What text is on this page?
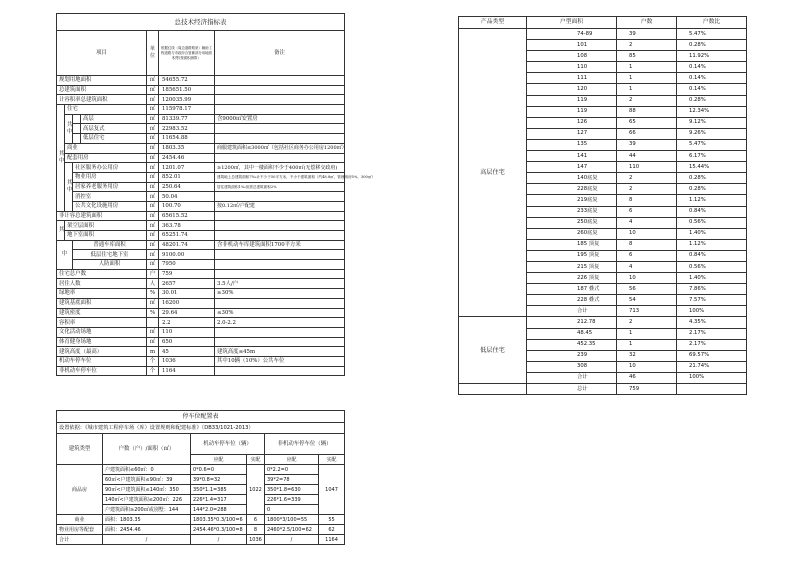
总技术经济指标表						
项目				单位	根据红线（周边道路路宽）辅助工程道路与市政综合管廊部分用地面积等)按面积测算）	备注
规划用地面积				㎡	54655.72	
总建筑面积				㎡	185651.50	
计容积率总建筑面积				㎡	120035.99	
其中	住宅			㎡	115978.17	
	共中		高层	㎡	81339.77	含9000㎡安置房
			高层复式	㎡	22983.52	
			低层住宅	㎡	11654.88	
	商业			㎡	1803.35	商服建筑面积≤3000㎡（包括社区商务办公用房1200㎡）
	配套用房			㎡	2454.46	
	其中	社区服务办公用房		㎡	1201.07	≥1200㎡，其中一楼面积不少于400㎡(无偿移交政府)
		物业用房		㎡	852.01	建筑地上总建筑面积7‰计不少于50平方米，不小于建筑面积（约48.8㎡，管理用房5%，300㎡）
		居家养老服务用房		㎡	250.64	居住建筑面积1‰但需总建筑面积2%
		消控室		㎡	50.04	
		公共文化设施用房		㎡	100.70	按0.12㎡/户配建
非计容总建筑面积				㎡	65615.52	
其	架空层面积			㎡	363.78	
	地下室面积			㎡	65251.74	
中		普通车库面积		㎡	48201.74	含非机动车库建筑面积1700平方米
		低层住宅地下室		㎡	9100.00	
		人防面积		㎡	7950	
住宅总户数				户	759	
居住人数				人	2657	3.5人/户
绿地率				%	30.01	≥30%
建筑基底面积				㎡	16200	
建筑密度				%	29.64	≤30%
容积率					2.2	2.0-2.2
文化活动场地				㎡	110	
体育健身场地				㎡	650	
建筑高度（最高）				m	45	建筑高度≤45m
机动车停车位				个	1036	其中10辆（10%）公共车位
非机动车停车位				个	1164	
停车位配置表					
设置依据：《城市建筑工程停车场（库）设置规则和配建标准》（DB33/1021-2013）					
建筑类型	户数（户）/面积（㎡）	机动车停车位（辆）		非机动车停车位（辆）	
		应配	实配	应配	实配
商品房	户建筑面积≤60㎡：0	0*0.6=0	1022	0*2.2=0	1047
	60㎡<户建筑面积≤90㎡：39	39*0.8=32		39*2=78	
	90㎡<户建筑面积≤140㎡：350	350*1.1=385		350*1.8=630	
	140㎡<户建筑面积≤200㎡：226	226*1.4=317		226*1.6=339	
	户建筑面积≥200㎡或别墅：144	144*2.0=288		0	
商业	面积：1803.35	1803.35*0.3/100=6	6	1800*3/100=55	55
物业用房等配套	面积：2454.46	2454.46*0.3/100=8	8	2460*2.5/100=62	62
合计	/	/	1036	/	1164
产品类型	户型面积	户数	户数比
高层住宅	74-89	39	5.47%
	101	2	0.28%
	108	85	11.92%
	110	1	0.14%
	111	1	0.14%
	120	1	0.14%
	119	2	0.28%
	119	88	12.34%
	126	65	9.12%
	127	66	9.26%
	135	39	5.47%
	141	44	6.17%
	147	110	15.44%
	140底复	2	0.28%
	228底复	2	0.28%
	219底复	8	1.12%
	233底复	6	0.84%
	250底复	4	0.56%
	260底复	10	1.40%
	185 顶复	8	1.12%
	195 顶复	6	0.84%
	215 顶复	4	0.56%
	226 顶复	10	1.40%
	187 叠式	56	7.86%
	228 叠式	54	7.57%
	合计	713	100%
低层住宅	212.78	2	4.35%
	48.45	1	2.17%
	452.35	1	2.17%
	239	32	69.57%
	308	10	21.74%
	合计	46	100%
	总计	759	
